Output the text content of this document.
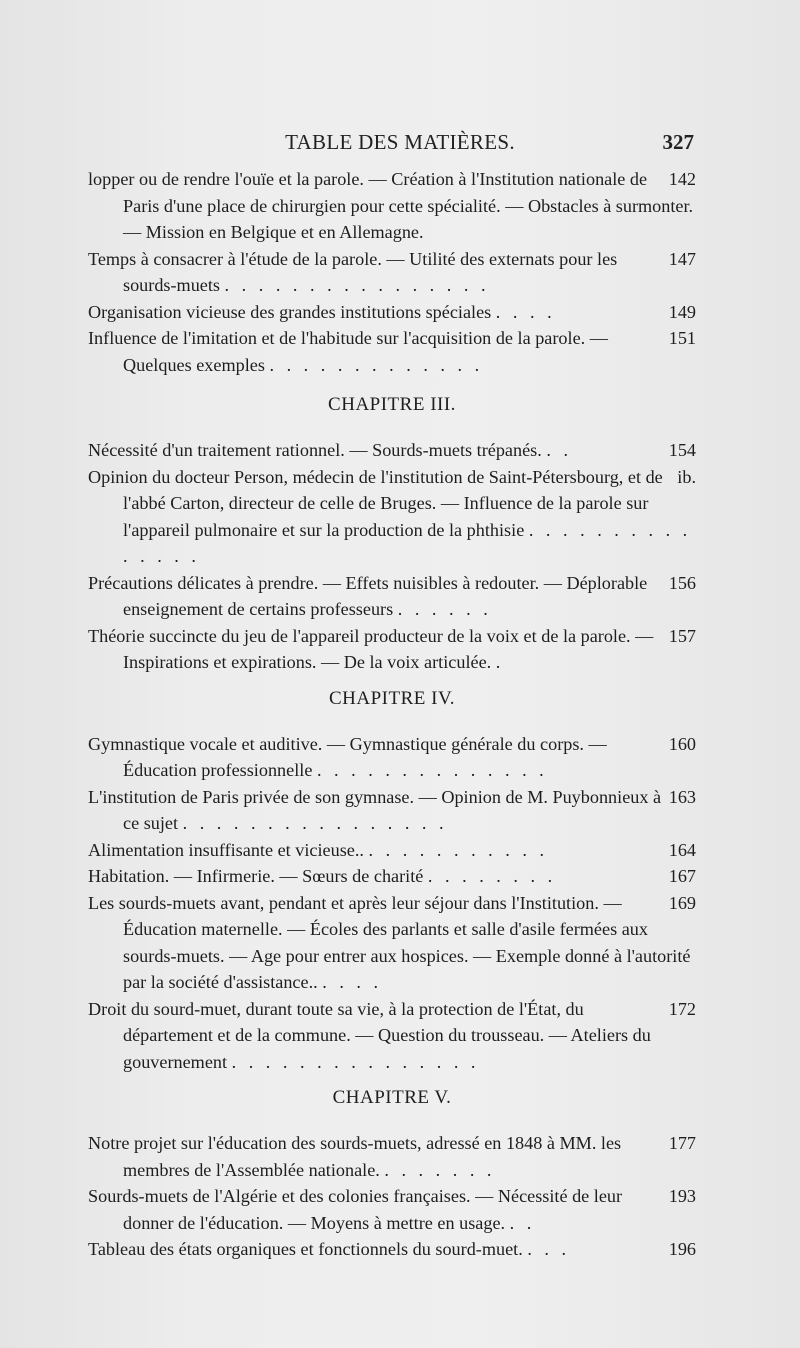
TABLE DES MATIÈRES.	327
142
lopper ou de rendre l'ouïe et la parole. — Création à l'Institution nationale de Paris d'une place de chirurgien pour cette spécialité. — Obstacles à surmonter. — Mission en Belgique et en Allemagne.
147
Temps à consacrer à l'étude de la parole. — Utilité des externats pour les sourds-muets . . . . . . . . . . . . . . . .
149
Organisation vicieuse des grandes institutions spéciales . . . .
151
Influence de l'imitation et de l'habitude sur l'acquisition de la parole. — Quelques exemples . . . . . . . . . . . . .
CHAPITRE III.
154
Nécessité d'un traitement rationnel. — Sourds-muets trépanés. . .
ib.
Opinion du docteur Person, médecin de l'institution de Saint-Pétersbourg, et de l'abbé Carton, directeur de celle de Bruges. — Influence de la parole sur l'appareil pulmonaire et sur la production de la phthisie . . . . . . . . . . . . . . .
156
Précautions délicates à prendre. — Effets nuisibles à redouter. — Déplorable enseignement de certains professeurs . . . . . .
157
Théorie succincte du jeu de l'appareil producteur de la voix et de la parole. — Inspirations et expirations. — De la voix articulée. .
CHAPITRE IV.
160
Gymnastique vocale et auditive. — Gymnastique générale du corps. — Éducation professionnelle . . . . . . . . . . . . . .
163
L'institution de Paris privée de son gymnase. — Opinion de M. Puybonnieux à ce sujet . . . . . . . . . . . . . . . .
164
Alimentation insuffisante et vicieuse.. . . . . . . . . . . .
167
Habitation. — Infirmerie. — Sœurs de charité . . . . . . . .
169
Les sourds-muets avant, pendant et après leur séjour dans l'Institution. — Éducation maternelle. — Écoles des parlants et salle d'asile fermées aux sourds-muets. — Age pour entrer aux hospices. — Exemple donné à l'autorité par la société d'assistance.. . . . .
172
Droit du sourd-muet, durant toute sa vie, à la protection de l'État, du département et de la commune. — Question du trousseau. — Ateliers du gouvernement . . . . . . . . . . . . . . .
CHAPITRE V.
177
Notre projet sur l'éducation des sourds-muets, adressé en 1848 à MM. les membres de l'Assemblée nationale. . . . . . . .
193
Sourds-muets de l'Algérie et des colonies françaises. — Nécessité de leur donner de l'éducation. — Moyens à mettre en usage. . .
196
Tableau des états organiques et fonctionnels du sourd-muet. . . .
